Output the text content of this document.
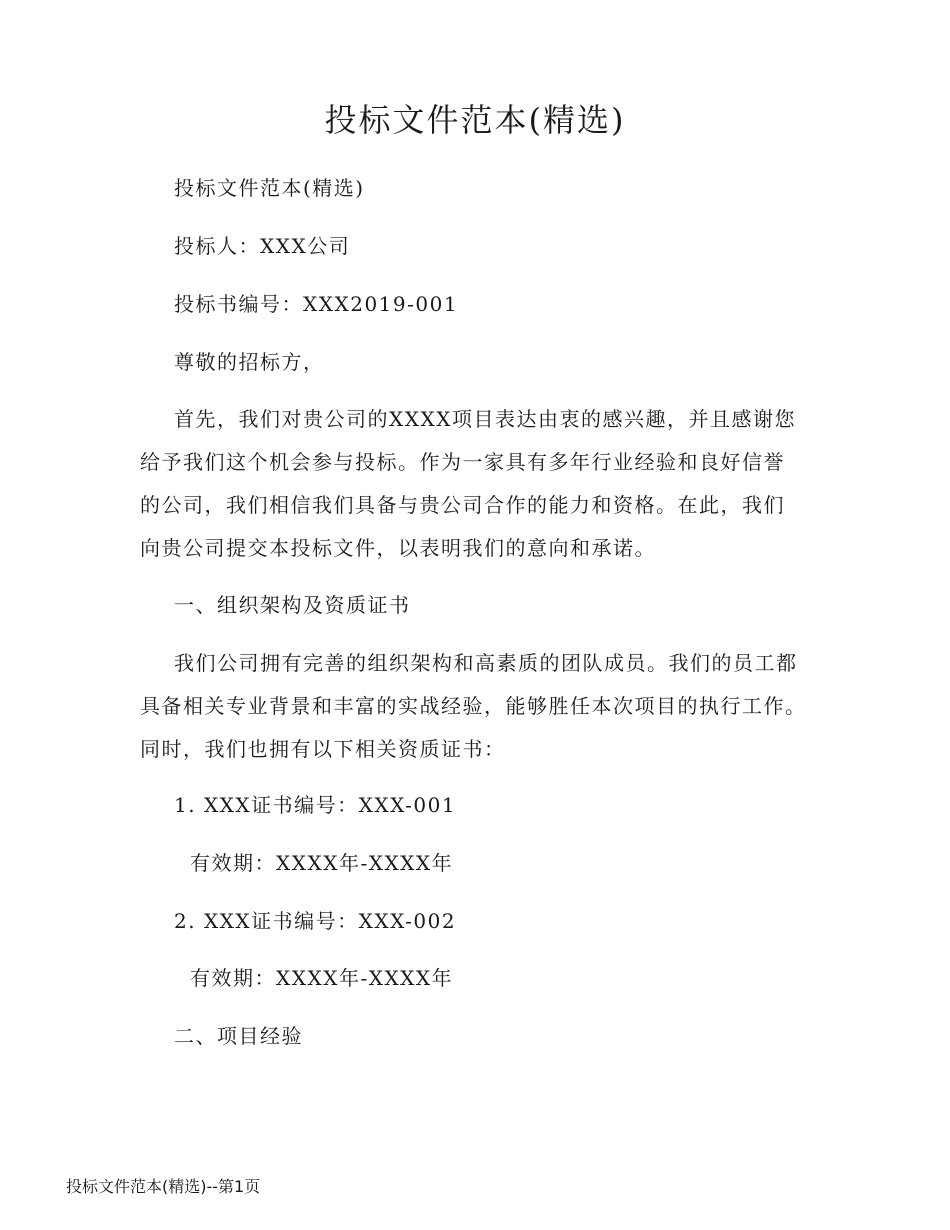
投标文件范本(精选)

投标文件范本(精选)

投标人：XXX公司

投标书编号：XXX2019-001

尊敬的招标方，

首先，我们对贵公司的XXXX项目表达由衷的感兴趣，并且感谢您

给予我们这个机会参与投标。作为一家具有多年行业经验和良好信誉

的公司，我们相信我们具备与贵公司合作的能力和资格。在此，我们

向贵公司提交本投标文件，以表明我们的意向和承诺。

一、组织架构及资质证书

我们公司拥有完善的组织架构和高素质的团队成员。我们的员工都

具备相关专业背景和丰富的实战经验，能够胜任本次项目的执行工作。

同时，我们也拥有以下相关资质证书：

1. XXX证书编号：XXX-001

有效期：XXXX年-XXXX年

2. XXX证书编号：XXX-002

有效期：XXXX年-XXXX年

二、项目经验

投标文件范本(精选)--第1页
